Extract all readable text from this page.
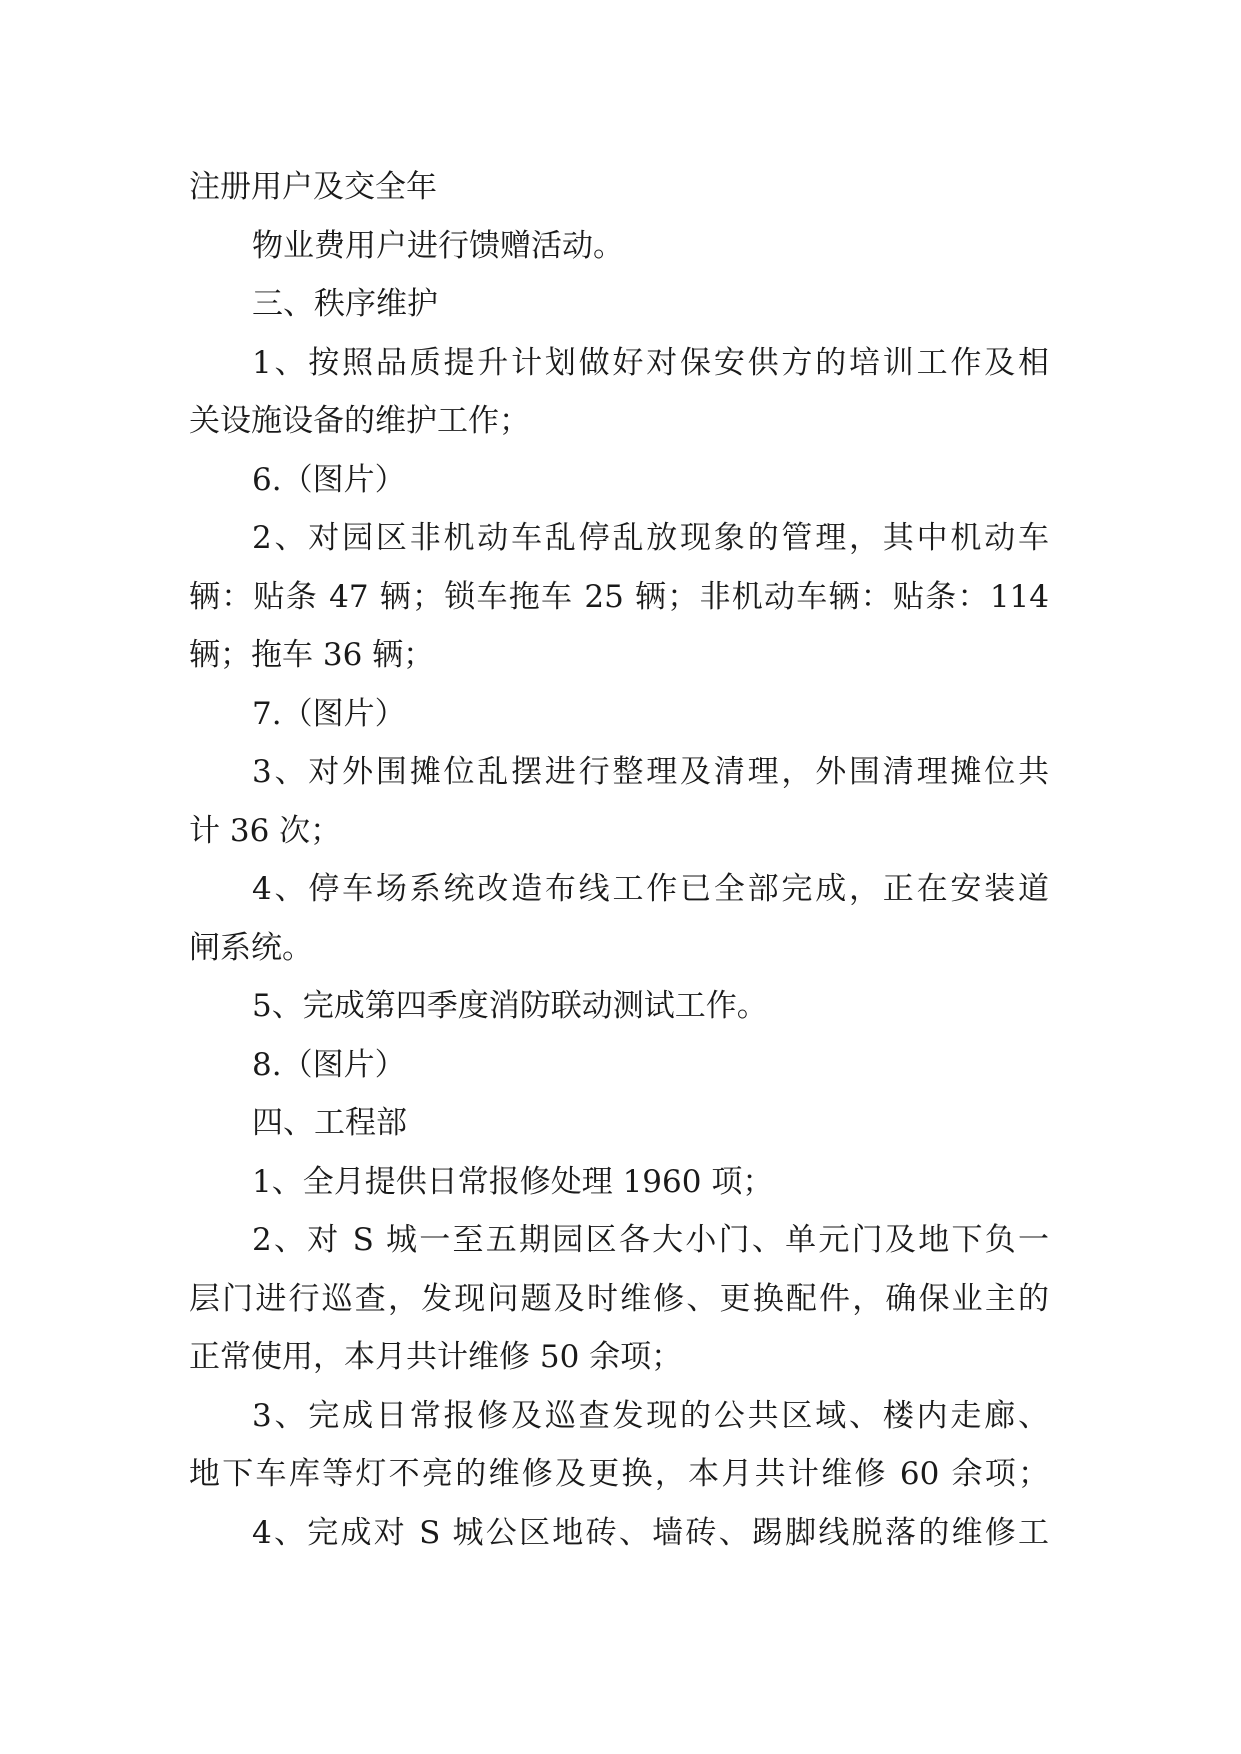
注册用户及交全年
物业费用户进行馈赠活动。
三、秩序维护
1、按照品质提升计划做好对保安供方的培训工作及相
关设施设备的维护工作；
6.（图片）
2、对园区非机动车乱停乱放现象的管理，其中机动车
辆：贴条 47 辆；锁车拖车 25 辆；非机动车辆：贴条：114
辆；拖车 36 辆；
7.（图片）
3、对外围摊位乱摆进行整理及清理，外围清理摊位共
计 36 次；
4、停车场系统改造布线工作已全部完成，正在安装道
闸系统。
5、完成第四季度消防联动测试工作。
8.（图片）
四、工程部
1、全月提供日常报修处理 1960 项；
2、对 S 城一至五期园区各大小门、单元门及地下负一
层门进行巡查，发现问题及时维修、更换配件，确保业主的
正常使用，本月共计维修 50 余项；
3、完成日常报修及巡查发现的公共区域、楼内走廊、
地下车库等灯不亮的维修及更换，本月共计维修 60 余项；
4、完成对 S 城公区地砖、墙砖、踢脚线脱落的维修工
